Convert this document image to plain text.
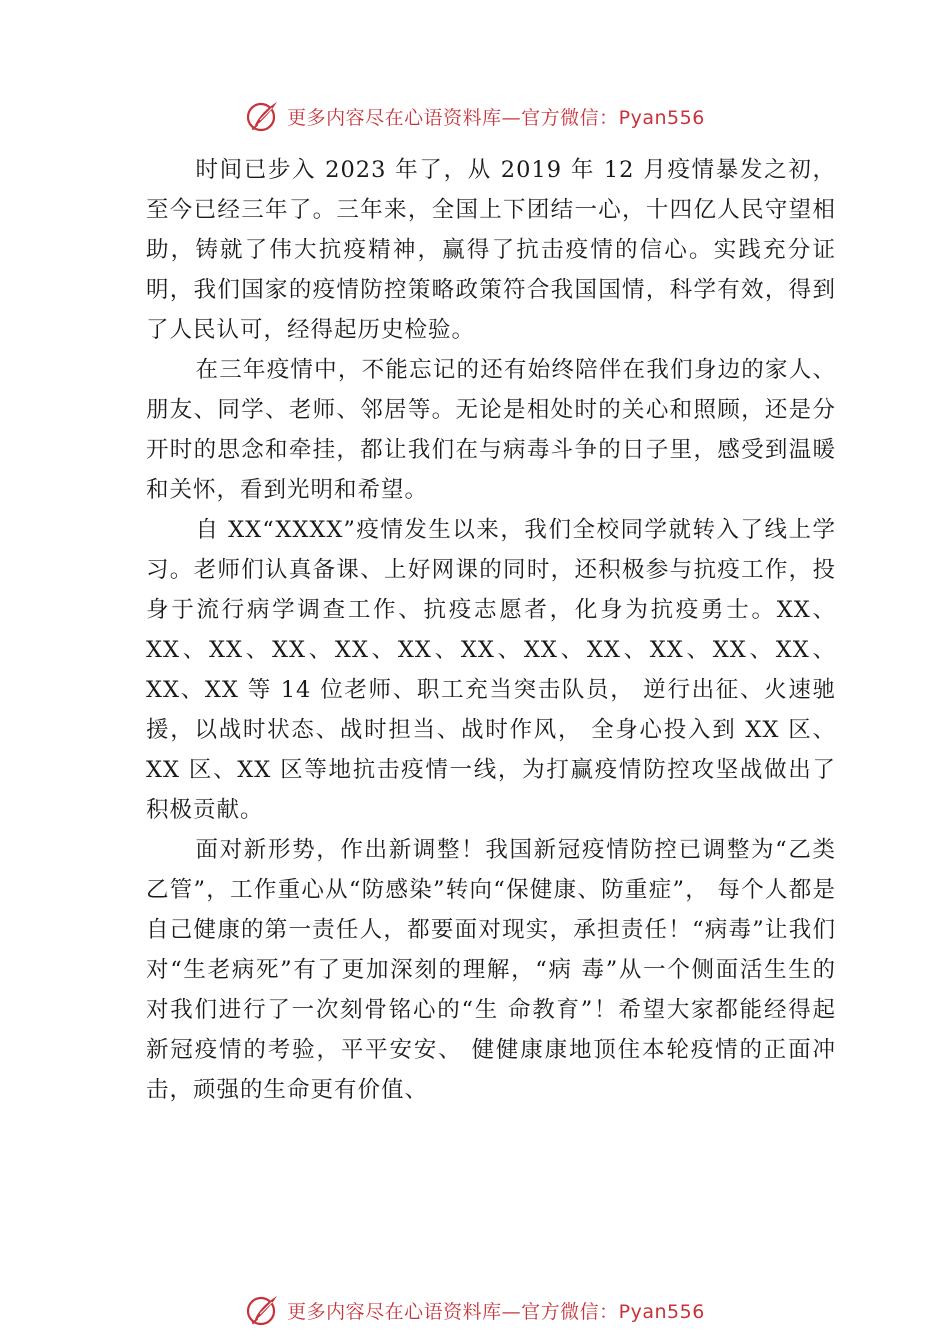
更多内容尽在心语资料库—官方微信：Pyan556

时间已步入 2023 年了，从 2019 年 12 月疫情暴发之初，至今已经三年了。三年来，全国上下团结一心，十四亿人民守望相助，铸就了伟大抗疫精神，赢得了抗击疫情的信心。实践充分证明，我们国家的疫情防控策略政策符合我国国情，科学有效，得到了人民认可，经得起历史检验。

在三年疫情中，不能忘记的还有始终陪伴在我们身边的家人、朋友、同学、老师、邻居等。无论是相处时的关心和照顾，还是分开时的思念和牵挂，都让我们在与病毒斗争的日子里，感受到温暖和关怀，看到光明和希望。

自 XX“XXXX”疫情发生以来，我们全校同学就转入了线上学习。老师们认真备课、上好网课的同时，还积极参与抗疫工作，投身于流行病学调查工作、抗疫志愿者，化身为抗疫勇士。XX、XX、XX、XX、XX、XX、XX、XX、XX、XX、XX、XX、XX、XX 等 14 位老师、职工充当突击队员， 逆行出征、火速驰援，以战时状态、战时担当、战时作风， 全身心投入到 XX 区、XX 区、XX 区等地抗击疫情一线，为打赢疫情防控攻坚战做出了积极贡献。

面对新形势，作出新调整！我国新冠疫情防控已调整为“乙类乙管”，工作重心从“防感染”转向“保健康、防重症”， 每个人都是自己健康的第一责任人，都要面对现实，承担责任！“病毒”让我们对“生老病死”有了更加深刻的理解，“病 毒”从一个侧面活生生的对我们进行了一次刻骨铭心的“生 命教育”！希望大家都能经得起新冠疫情的考验，平平安安、 健健康康地顶住本轮疫情的正面冲击，顽强的生命更有价值、

更多内容尽在心语资料库—官方微信：Pyan556
